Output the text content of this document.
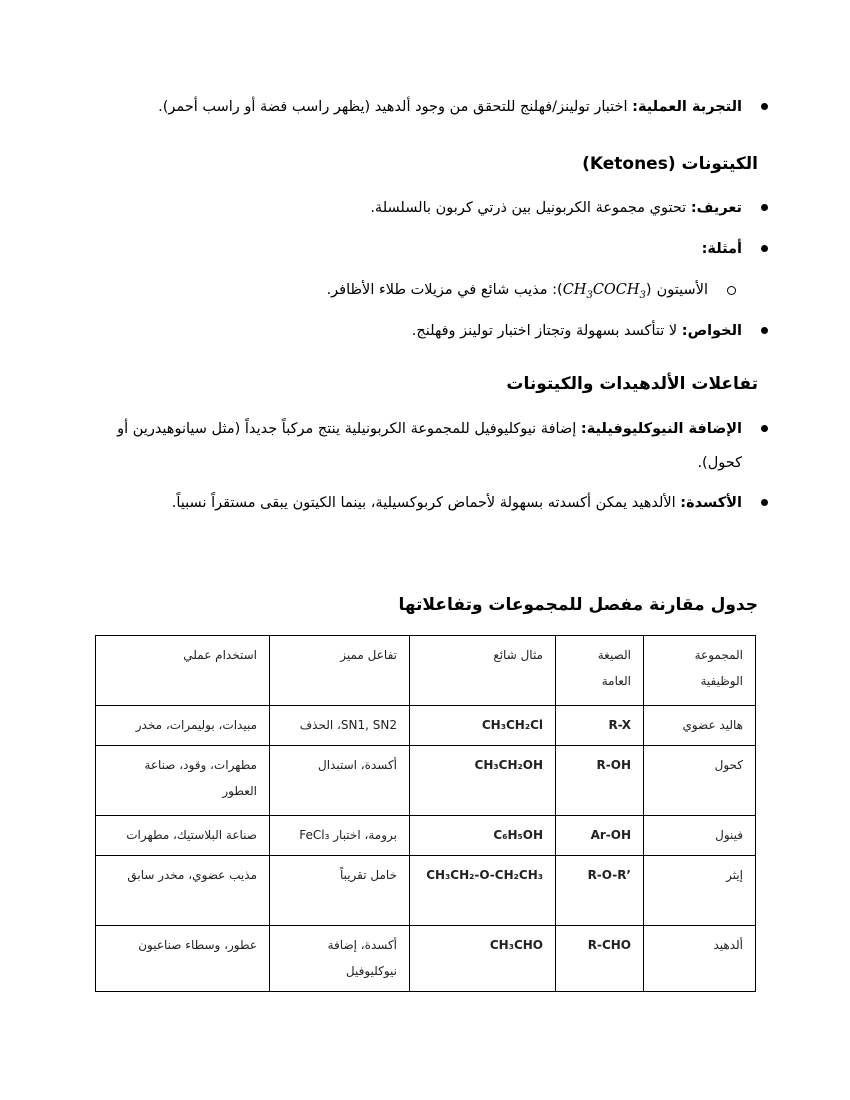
التجربة العملية: اختبار تولينز/فهلنج للتحقق من وجود ألدهيد (يظهر راسب فضة أو راسب أحمر).
الكيتونات (Ketones)
تعريف: تحتوي مجموعة الكربونيل بين ذرتي كربون بالسلسلة.
أمثلة:
الأسيتون $(CH_3COCH_3)$: مذيب شائع في مزيلات طلاء الأظافر.
الخواص: لا تتأكسد بسهولة وتجتاز اختبار تولينز وفهلنج.
تفاعلات الألدهيدات والكيتونات
الإضافة النيوكليوفيلية: إضافة نيوكليوفيل للمجموعة الكربونيلية ينتج مركباً جديداً (مثل سيانوهيدرين أو
كحول).
الأكسدة: الألدهيد يمكن أكسدته بسهولة لأحماض كربوكسيلية، بينما الكيتون يبقى مستقراً نسبياً.
جدول مقارنة مفصل للمجموعات وتفاعلاتها
المجموعة الوظيفية	الصيغة العامة	مثال شائع	تفاعل مميز	استخدام عملي
هاليد عضوي	R-X	CH₃CH₂Cl	SN1, SN2، الحذف	مبيدات، بوليمرات، مخدر
كحول	R-OH	CH₃CH₂OH	أكسدة، استبدال	مطهرات، وقود، صناعة العطور
فينول	Ar-OH	C₆H₅OH	برومة، اختبار FeCl₃	صناعة البلاستيك، مطهرات
إيثر	R-O-R’	CH₃CH₂-O-CH₂CH₃	خامل تقريباً	مذيب عضوي، مخدر سابق
ألدهيد	R-CHO	CH₃CHO	أكسدة، إضافة نيوكليوفيل	عطور، وسطاء صناعيون
